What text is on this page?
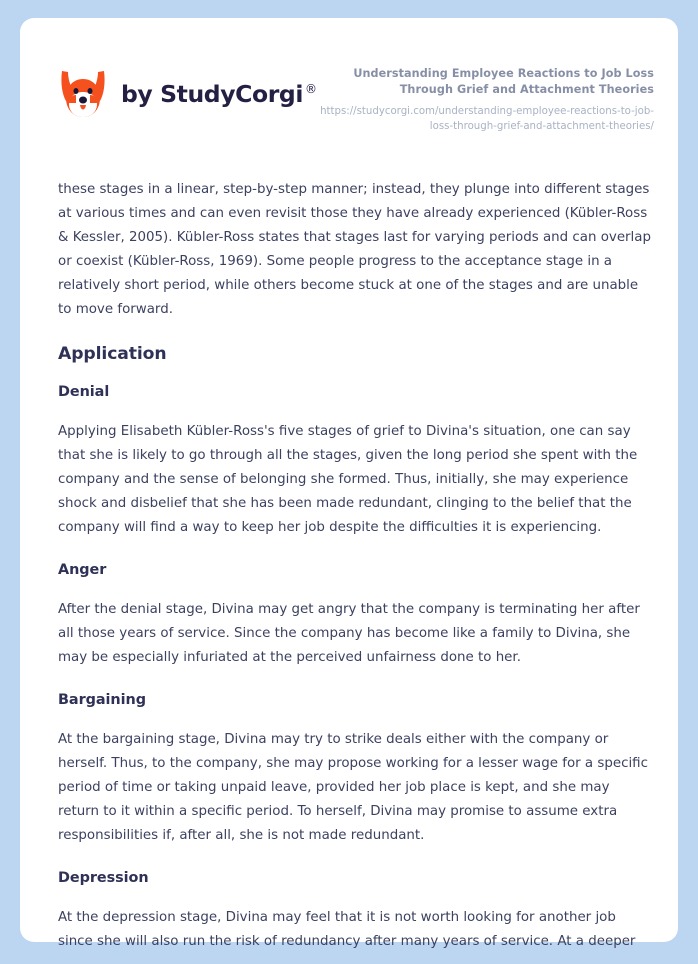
by StudyCorgi ®
Understanding Employee Reactions to Job Loss Through Grief and Attachment Theories
https://studycorgi.com/understanding-employee-reactions-to-job-loss-through-grief-and-attachment-theories/

these stages in a linear, step-by-step manner; instead, they plunge into different stages at various times and can even revisit those they have already experienced (Kübler-Ross & Kessler, 2005). Kübler-Ross states that stages last for varying periods and can overlap or coexist (Kübler-Ross, 1969). Some people progress to the acceptance stage in a relatively short period, while others become stuck at one of the stages and are unable to move forward.

Application
Denial

Applying Elisabeth Kübler-Ross's five stages of grief to Divina's situation, one can say that she is likely to go through all the stages, given the long period she spent with the company and the sense of belonging she formed. Thus, initially, she may experience shock and disbelief that she has been made redundant, clinging to the belief that the company will find a way to keep her job despite the difficulties it is experiencing.

Anger

After the denial stage, Divina may get angry that the company is terminating her after all those years of service. Since the company has become like a family to Divina, she may be especially infuriated at the perceived unfairness done to her.

Bargaining

At the bargaining stage, Divina may try to strike deals either with the company or herself. Thus, to the company, she may propose working for a lesser wage for a specific period of time or taking unpaid leave, provided her job place is kept, and she may return to it within a specific period. To herself, Divina may promise to assume extra responsibilities if, after all, she is not made redundant.

Depression

At the depression stage, Divina may feel that it is not worth looking for another job since she will also run the risk of redundancy after many years of service. At a deeper
